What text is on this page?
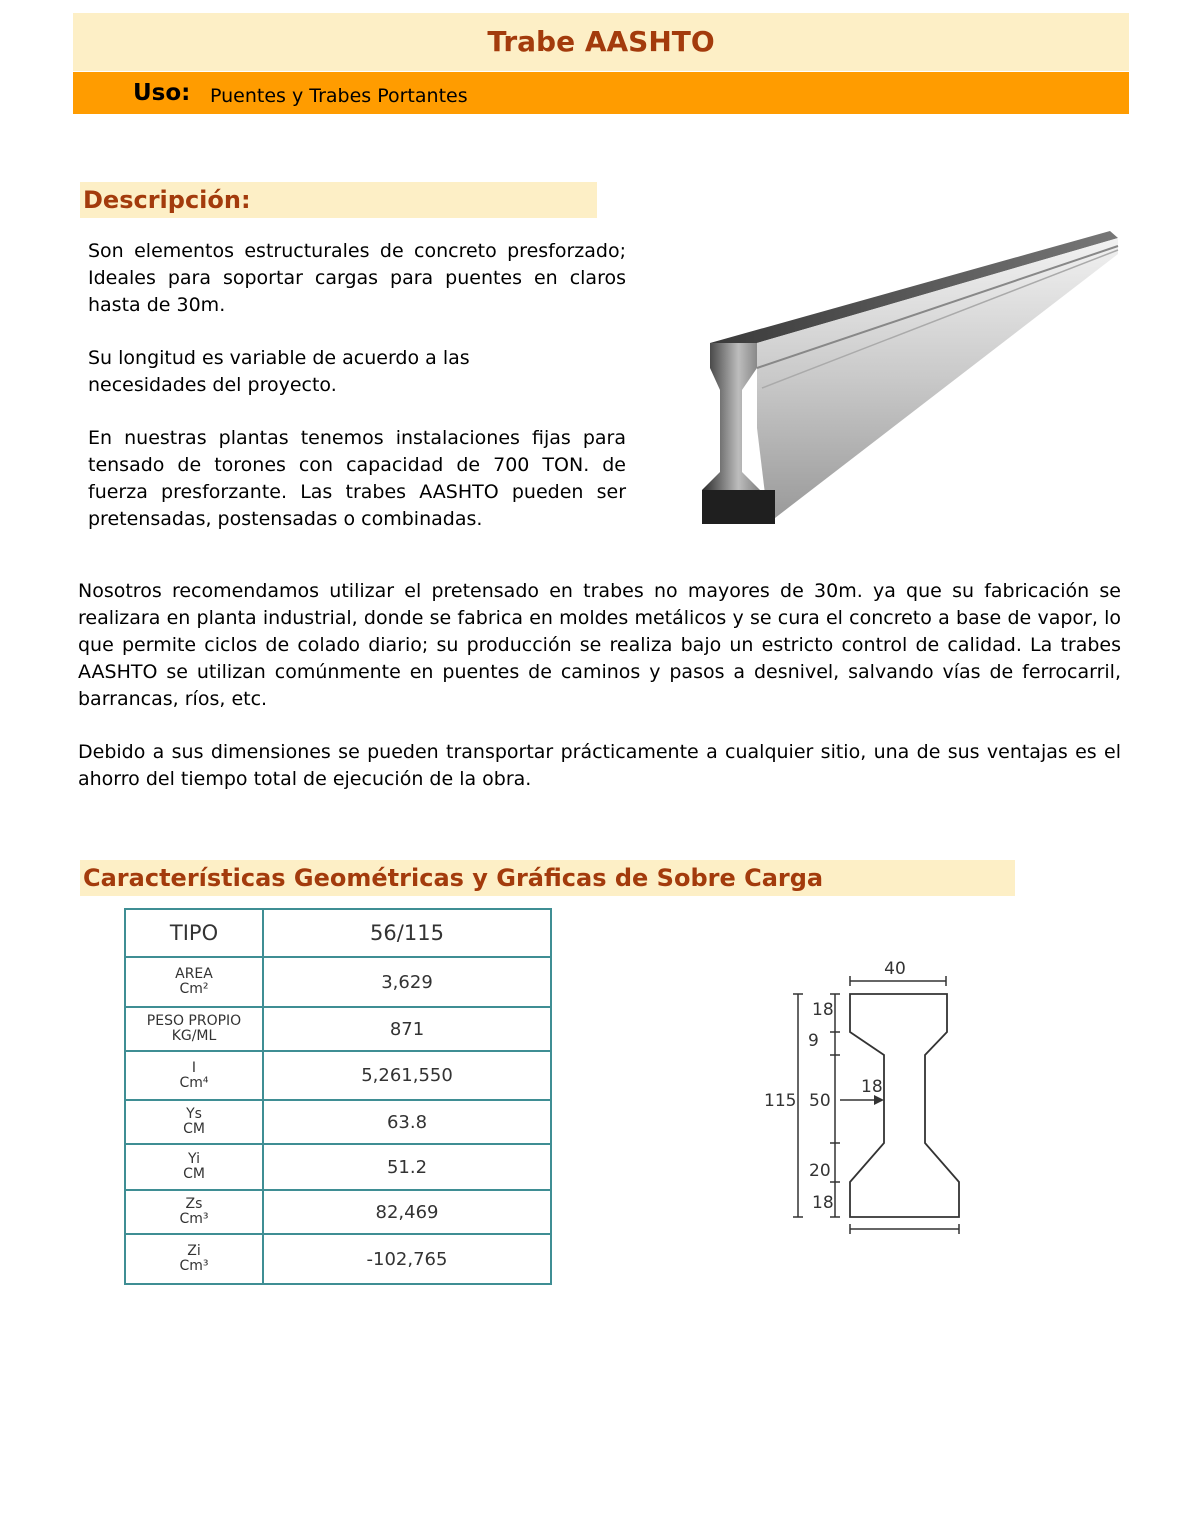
Trabe AASHTO
Uso: Puentes y Trabes Portantes
Descripción:

Son elementos estructurales de concreto presforzado; Ideales para soportar cargas para puentes en claros hasta de 30m.

Su longitud es variable de acuerdo a las necesidades del proyecto.

En nuestras plantas tenemos instalaciones fijas para tensado de torones con capacidad de 700 TON. de fuerza presforzante. Las trabes AASHTO pueden ser pretensadas, postensadas o combinadas.

Nosotros recomendamos utilizar el pretensado en trabes no mayores de 30m. ya que su fabricación se realizara en planta industrial, donde se fabrica en moldes metálicos y se cura el concreto a base de vapor, lo que permite ciclos de colado diario; su producción se realiza bajo un estricto control de calidad. La trabes AASHTO se utilizan comúnmente en puentes de caminos y pasos a desnivel, salvando vías de ferrocarril, barrancas, ríos, etc.

Debido a sus dimensiones se pueden transportar prácticamente a cualquier sitio, una de sus ventajas es el ahorro del tiempo total de ejecución de la obra.

Características Geométricas y Gráficas de Sobre Carga
TIPO	56/115
AREA
Cm²	3,629
PESO PROPIO
KG/ML	871
I
Cm⁴	5,261,550
Ys
CM	63.8
Yi
CM	51.2
Zs
Cm³	82,469
Zi
Cm³	-102,765
40
115
18
9
50
20
18
18
